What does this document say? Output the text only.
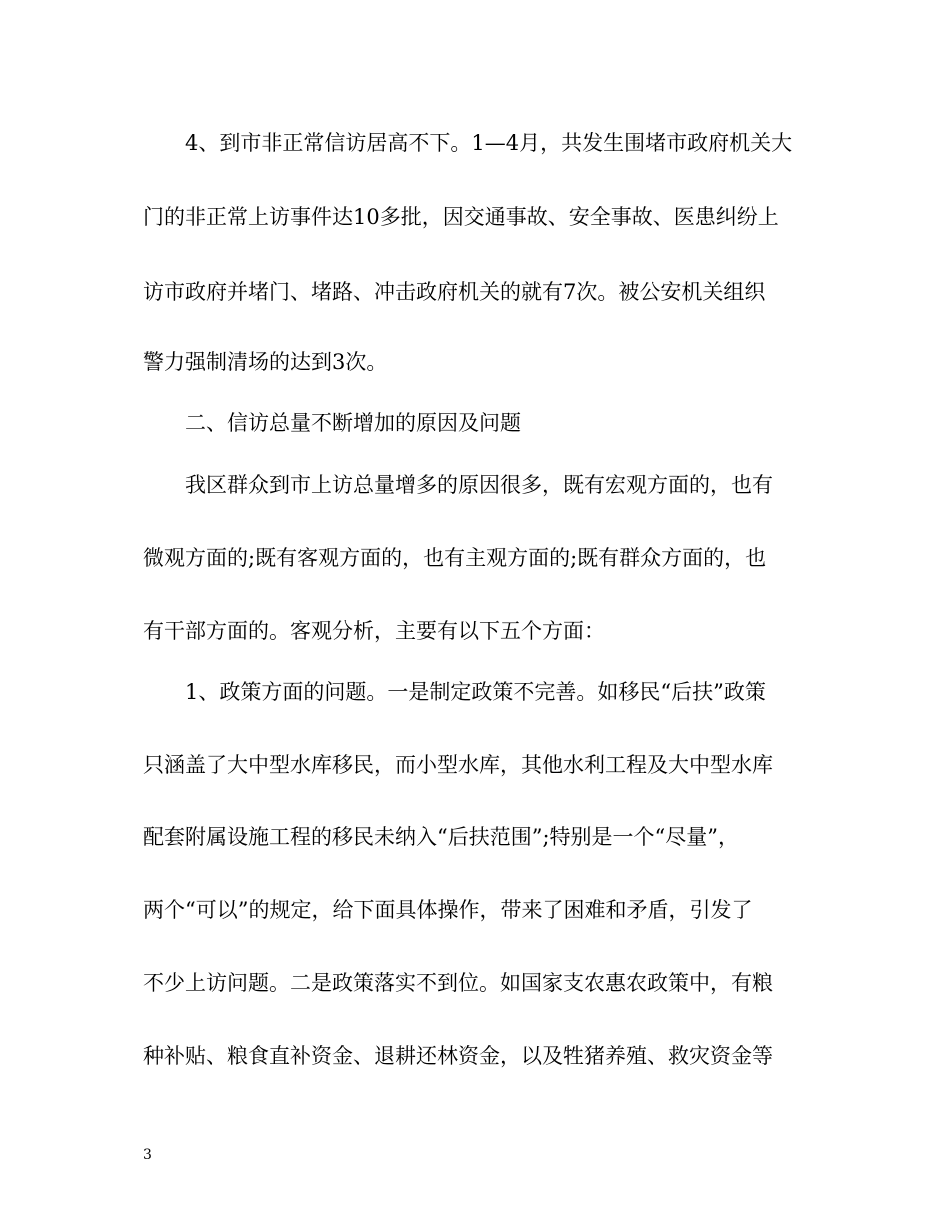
4、到市非正常信访居高不下。1—4月，共发生围堵市政府机关大
门的非正常上访事件达10多批，因交通事故、安全事故、医患纠纷上
访市政府并堵门、堵路、冲击政府机关的就有7次。被公安机关组织
警力强制清场的达到3次。
二、信访总量不断增加的原因及问题
我区群众到市上访总量增多的原因很多，既有宏观方面的，也有
微观方面的;既有客观方面的，也有主观方面的;既有群众方面的，也
有干部方面的。客观分析，主要有以下五个方面：
1、政策方面的问题。一是制定政策不完善。如移民“后扶”政策
只涵盖了大中型水库移民，而小型水库，其他水利工程及大中型水库
配套附属设施工程的移民未纳入“后扶范围”;特别是一个“尽量”，
两个“可以”的规定，给下面具体操作，带来了困难和矛盾，引发了
不少上访问题。二是政策落实不到位。如国家支农惠农政策中，有粮
种补贴、粮食直补资金、退耕还林资金，以及牲猪养殖、救灾资金等
3
